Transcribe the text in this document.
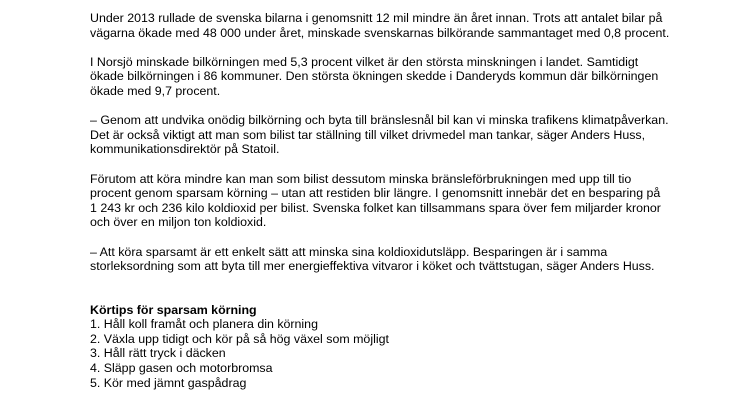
Under 2013 rullade de svenska bilarna i genomsnitt 12 mil mindre än året innan. Trots att antalet bilar på vägarna ökade med 48 000 under året, minskade svenskarnas bilkörande sammantaget med 0,8 procent.

I Norsjö minskade bilkörningen med 5,3 procent vilket är den största minskningen i landet. Samtidigt ökade bilkörningen i 86 kommuner. Den största ökningen skedde i Danderyds kommun där bilkörningen ökade med 9,7 procent.

– Genom att undvika onödig bilkörning och byta till bränslesnål bil kan vi minska trafikens klimatpåverkan. Det är också viktigt att man som bilist tar ställning till vilket drivmedel man tankar, säger Anders Huss, kommunikationsdirektör på Statoil.

Förutom att köra mindre kan man som bilist dessutom minska bränsleförbrukningen med upp till tio procent genom sparsam körning – utan att restiden blir längre. I genomsnitt innebär det en besparing på 1 243 kr och 236 kilo koldioxid per bilist. Svenska folket kan tillsammans spara över fem miljarder kronor och över en miljon ton koldioxid.

– Att köra sparsamt är ett enkelt sätt att minska sina koldioxidutsläpp. Besparingen är i samma storleksordning som att byta till mer energieffektiva vitvaror i köket och tvättstugan, säger Anders Huss.

Körtips för sparsam körning

1. Håll koll framåt och planera din körning
2. Växla upp tidigt och kör på så hög växel som möjligt
3. Håll rätt tryck i däcken
4. Släpp gasen och motorbromsa
5. Kör med jämnt gaspådrag
